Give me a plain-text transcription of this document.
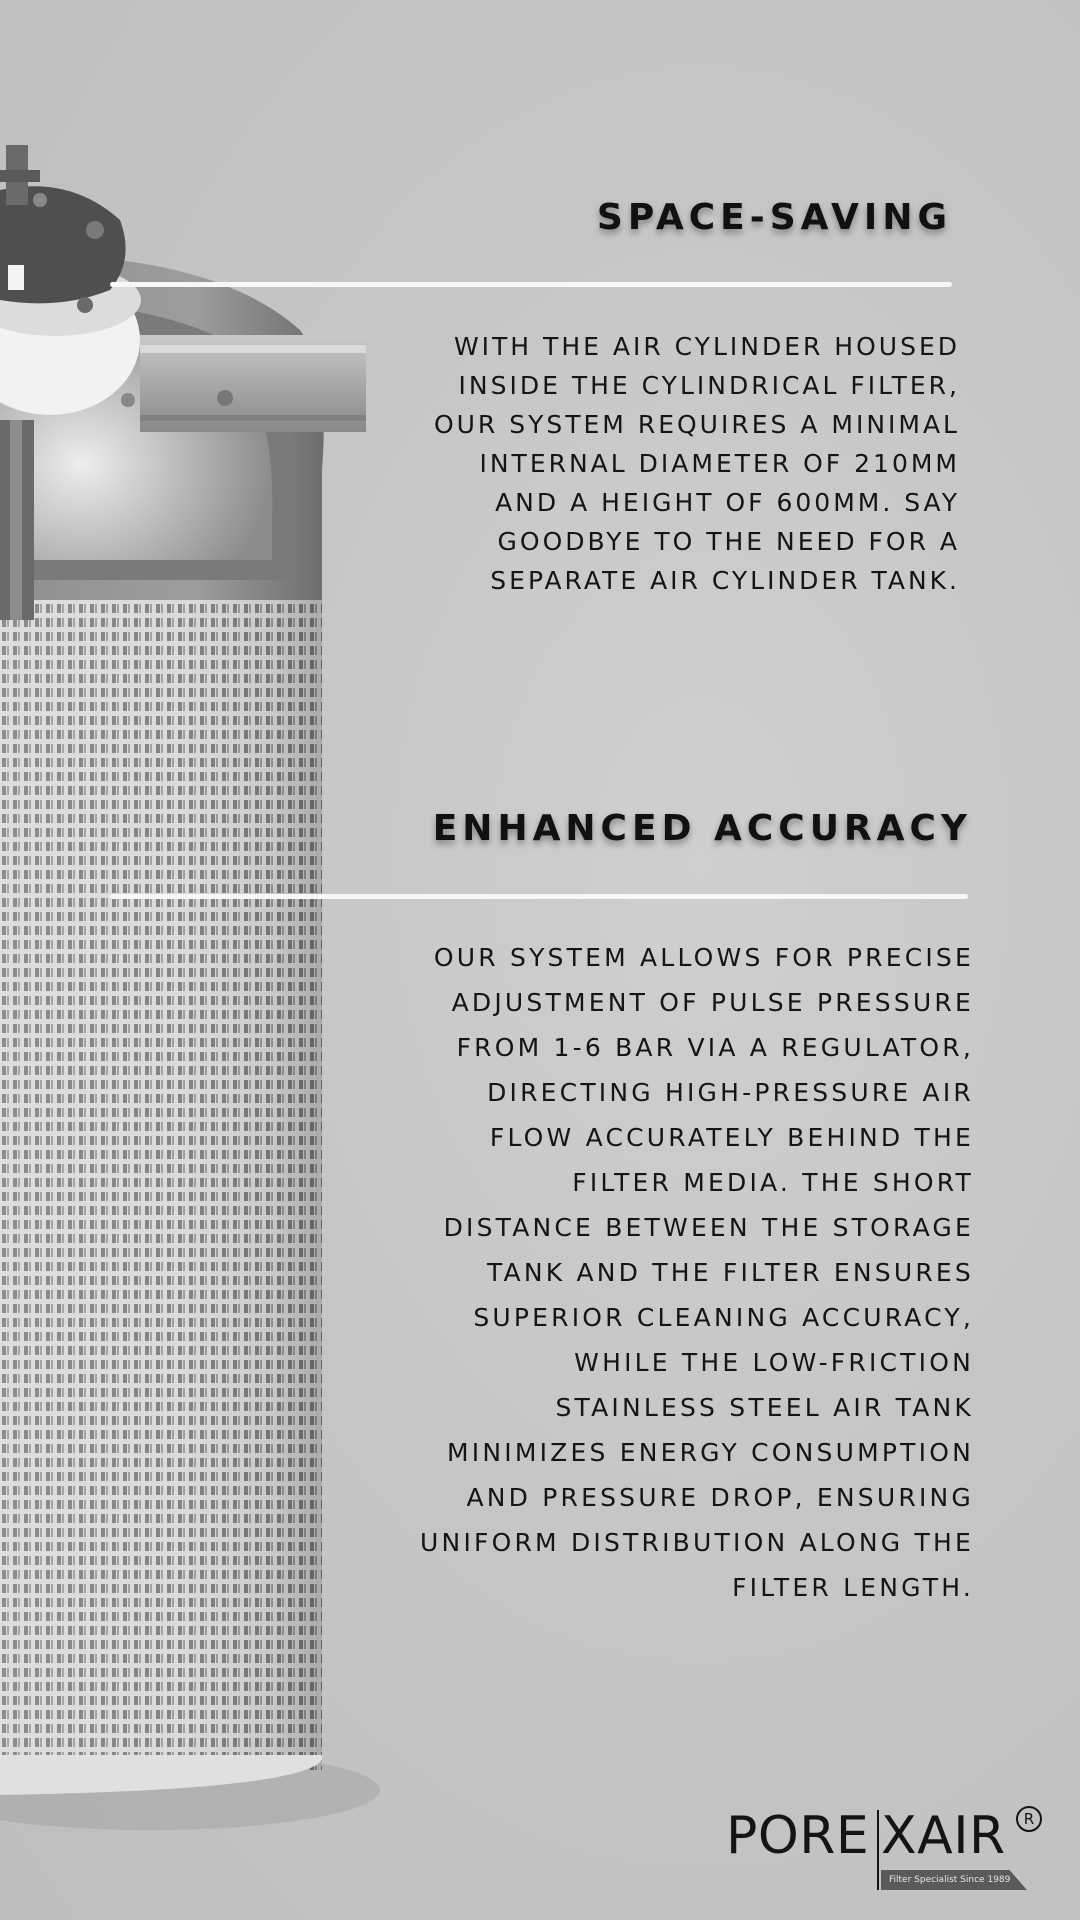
SPACE-SAVING

WITH THE AIR CYLINDER HOUSED INSIDE THE CYLINDRICAL FILTER, OUR SYSTEM REQUIRES A MINIMAL INTERNAL DIAMETER OF 210MM AND A HEIGHT OF 600MM. SAY GOODBYE TO THE NEED FOR A SEPARATE AIR CYLINDER TANK.

ENHANCED ACCURACY

OUR SYSTEM ALLOWS FOR PRECISE ADJUSTMENT OF PULSE PRESSURE FROM 1-6 BAR VIA A REGULATOR, DIRECTING HIGH-PRESSURE AIR FLOW ACCURATELY BEHIND THE FILTER MEDIA. THE SHORT DISTANCE BETWEEN THE STORAGE TANK AND THE FILTER ENSURES SUPERIOR CLEANING ACCURACY, WHILE THE LOW-FRICTION STAINLESS STEEL AIR TANK MINIMIZES ENERGY CONSUMPTION AND PRESSURE DROP, ENSURING UNIFORM DISTRIBUTION ALONG THE FILTER LENGTH.

PORE XAIR	R
Filter Specialist Since 1989
